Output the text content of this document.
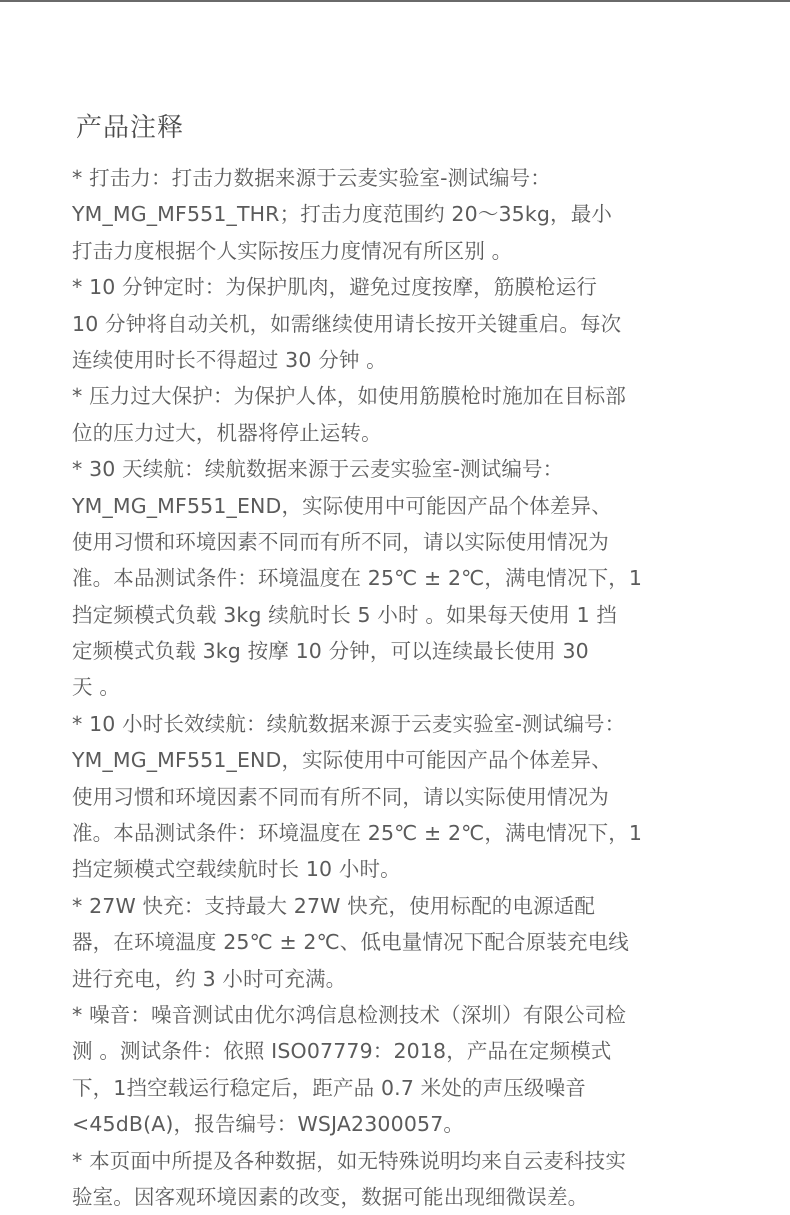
产品注释
* 打击力：打击力数据来源于云麦实验室-测试编号：
YM_MG_MF551_THR；打击力度范围约 20～35kg，最小
打击力度根据个人实际按压力度情况有所区别 。
* 10 分钟定时：为保护肌肉，避免过度按摩，筋膜枪运行
10 分钟将自动关机，如需继续使用请长按开关键重启。每次
连续使用时长不得超过 30 分钟 。
* 压力过大保护：为保护人体，如使用筋膜枪时施加在目标部
位的压力过大，机器将停止运转。
* 30 天续航：续航数据来源于云麦实验室-测试编号：
YM_MG_MF551_END，实际使用中可能因产品个体差异、
使用习惯和环境因素不同而有所不同，请以实际使用情况为
准。本品测试条件：环境温度在 25℃ ± 2℃，满电情况下，1
挡定频模式负载 3kg 续航时长 5 小时 。如果每天使用 1 挡
定频模式负载 3kg 按摩 10 分钟，可以连续最长使用 30
天 。
* 10 小时长效续航：续航数据来源于云麦实验室-测试编号：
YM_MG_MF551_END，实际使用中可能因产品个体差异、
使用习惯和环境因素不同而有所不同，请以实际使用情况为
准。本品测试条件：环境温度在 25℃ ± 2℃，满电情况下，1
挡定频模式空载续航时长 10 小时。
* 27W 快充：支持最大 27W 快充，使用标配的电源适配
器，在环境温度 25℃ ± 2℃、低电量情况下配合原装充电线
进行充电，约 3 小时可充满。
* 噪音：噪音测试由优尔鸿信息检测技术（深圳）有限公司检
测 。测试条件：依照 ISO07779：2018，产品在定频模式
下，1挡空载运行稳定后，距产品 0.7 米处的声压级噪音
<45dB(A)，报告编号：WSJA2300057。
* 本页面中所提及各种数据，如无特殊说明均来自云麦科技实
验室。因客观环境因素的改变，数据可能出现细微误差。
